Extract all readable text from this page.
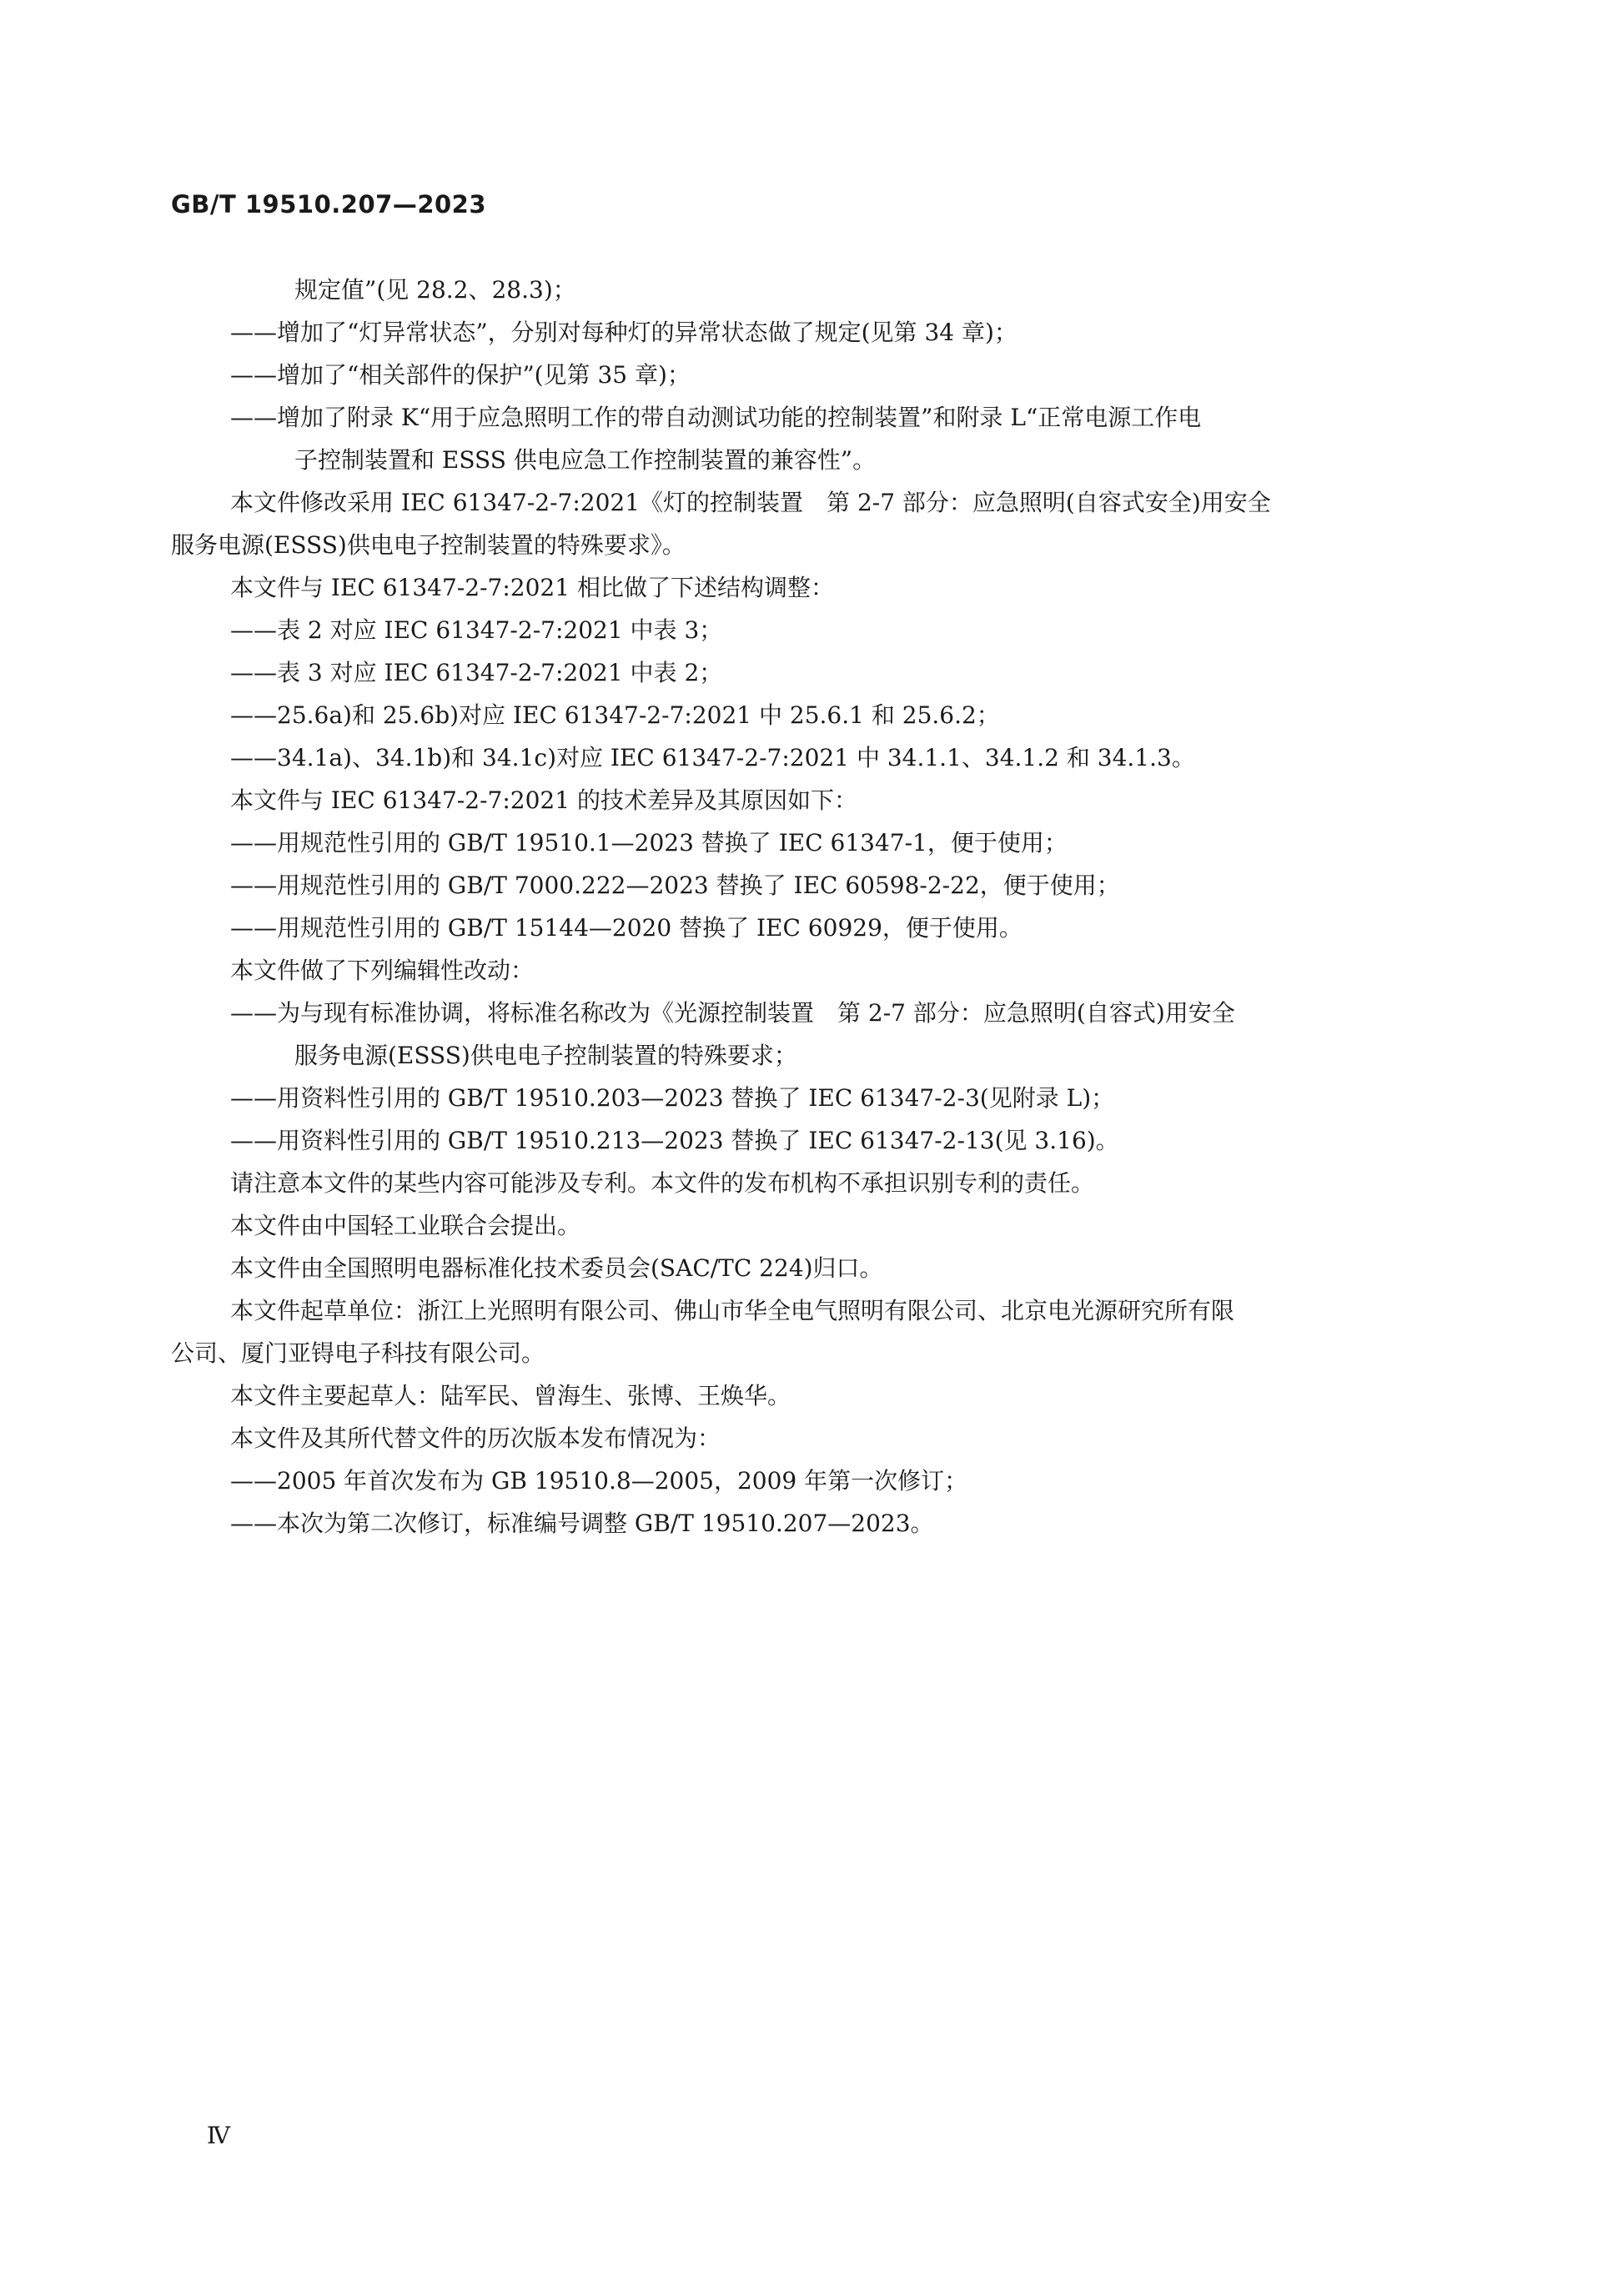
GB/T 19510.207—2023
规定值”(见 28.2、28.3)；
——增加了“灯异常状态”，分别对每种灯的异常状态做了规定(见第 34 章)；
——增加了“相关部件的保护”(见第 35 章)；
——增加了附录 K“用于应急照明工作的带自动测试功能的控制装置”和附录 L“正常电源工作电
子控制装置和 ESSS 供电应急工作控制装置的兼容性”。
本文件修改采用 IEC 61347-2-7:2021《灯的控制装置　第 2-7 部分：应急照明(自容式安全)用安全
服务电源(ESSS)供电电子控制装置的特殊要求》。
本文件与 IEC 61347-2-7:2021 相比做了下述结构调整：
——表 2 对应 IEC 61347-2-7:2021 中表 3；
——表 3 对应 IEC 61347-2-7:2021 中表 2；
——25.6a)和 25.6b)对应 IEC 61347-2-7:2021 中 25.6.1 和 25.6.2；
——34.1a)、34.1b)和 34.1c)对应 IEC 61347-2-7:2021 中 34.1.1、34.1.2 和 34.1.3。
本文件与 IEC 61347-2-7:2021 的技术差异及其原因如下：
——用规范性引用的 GB/T 19510.1—2023 替换了 IEC 61347-1，便于使用；
——用规范性引用的 GB/T 7000.222—2023 替换了 IEC 60598-2-22，便于使用；
——用规范性引用的 GB/T 15144—2020 替换了 IEC 60929，便于使用。
本文件做了下列编辑性改动：
——为与现有标准协调，将标准名称改为《光源控制装置　第 2-7 部分：应急照明(自容式)用安全
服务电源(ESSS)供电电子控制装置的特殊要求；
——用资料性引用的 GB/T 19510.203—2023 替换了 IEC 61347-2-3(见附录 L)；
——用资料性引用的 GB/T 19510.213—2023 替换了 IEC 61347-2-13(见 3.16)。
请注意本文件的某些内容可能涉及专利。本文件的发布机构不承担识别专利的责任。
本文件由中国轻工业联合会提出。
本文件由全国照明电器标准化技术委员会(SAC/TC 224)归口。
本文件起草单位：浙江上光照明有限公司、佛山市华全电气照明有限公司、北京电光源研究所有限
公司、厦门亚锝电子科技有限公司。
本文件主要起草人：陆军民、曾海生、张博、王焕华。
本文件及其所代替文件的历次版本发布情况为：
——2005 年首次发布为 GB 19510.8—2005，2009 年第一次修订；
——本次为第二次修订，标准编号调整 GB/T 19510.207—2023。
Ⅳ
